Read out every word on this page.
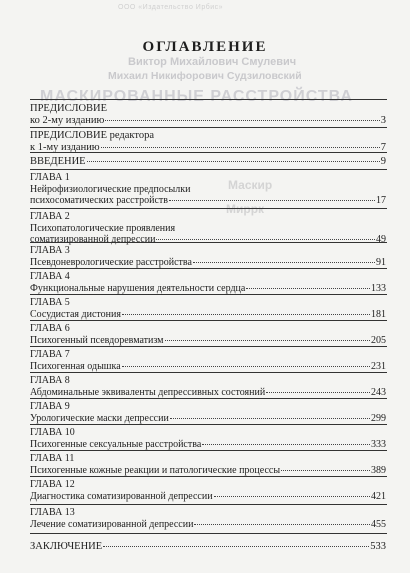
ООО «Издательство Ирбис»
Виктор Михайлович Смулевич
Михаил Никифорович Судзиловский
МАСКИРОВАННЫЕ РАССТРОЙСТВА
Маскир
Миррк
ОГЛАВЛЕНИЕ
ПРЕДИСЛОВИЕ
ко 2-му изданию	3
ПРЕДИСЛОВИЕ редактора
к 1-му изданию	7
ВВЕДЕНИЕ	9
ГЛАВА 1
Нейрофизиологические предпосылки
психосоматических расстройств	17
ГЛАВА 2
Психопатологические проявления
соматизированной депрессии	49
ГЛАВА 3
Псевдоневрологические расстройства	91
ГЛАВА 4
Функциональные нарушения деятельности сердца	133
ГЛАВА 5
Сосудистая дистония	181
ГЛАВА 6
Психогенный псевдоревматизм	205
ГЛАВА 7
Психогенная одышка	231
ГЛАВА 8
Абдоминальные эквиваленты депрессивных состояний	243
ГЛАВА 9
Урологические маски депрессии	299
ГЛАВА 10
Психогенные сексуальные расстройства	333
ГЛАВА 11
Психогенные кожные реакции и патологические процессы	389
ГЛАВА 12
Диагностика соматизированной депрессии	421
ГЛАВА 13
Лечение соматизированной депрессии	455
ЗАКЛЮЧЕНИЕ	533
